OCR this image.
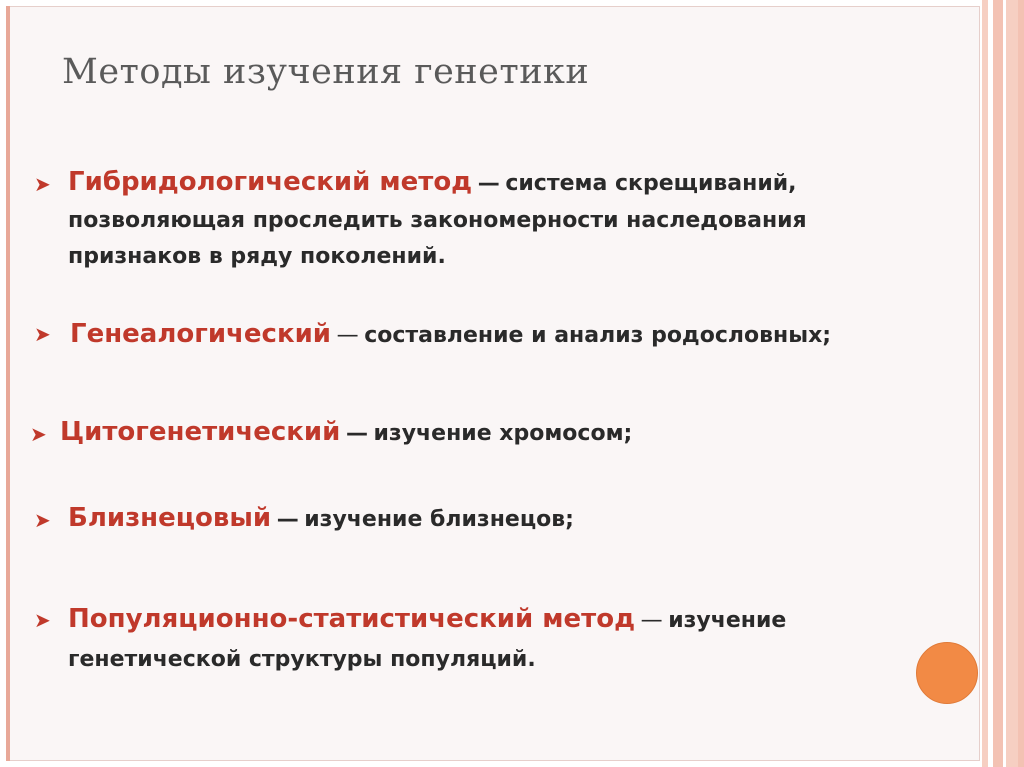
Методы изучения генетики
➤ Гибридологический метод — система скрещиваний,
позволяющая проследить закономерности наследования
признаков в ряду поколений.
➤ Генеалогический — составление и анализ родословных;
➤ Цитогенетический — изучение хромосом;
➤ Близнецовый — изучение близнецов;
➤ Популяционно-статистический метод — изучение
генетической структуры популяций.
